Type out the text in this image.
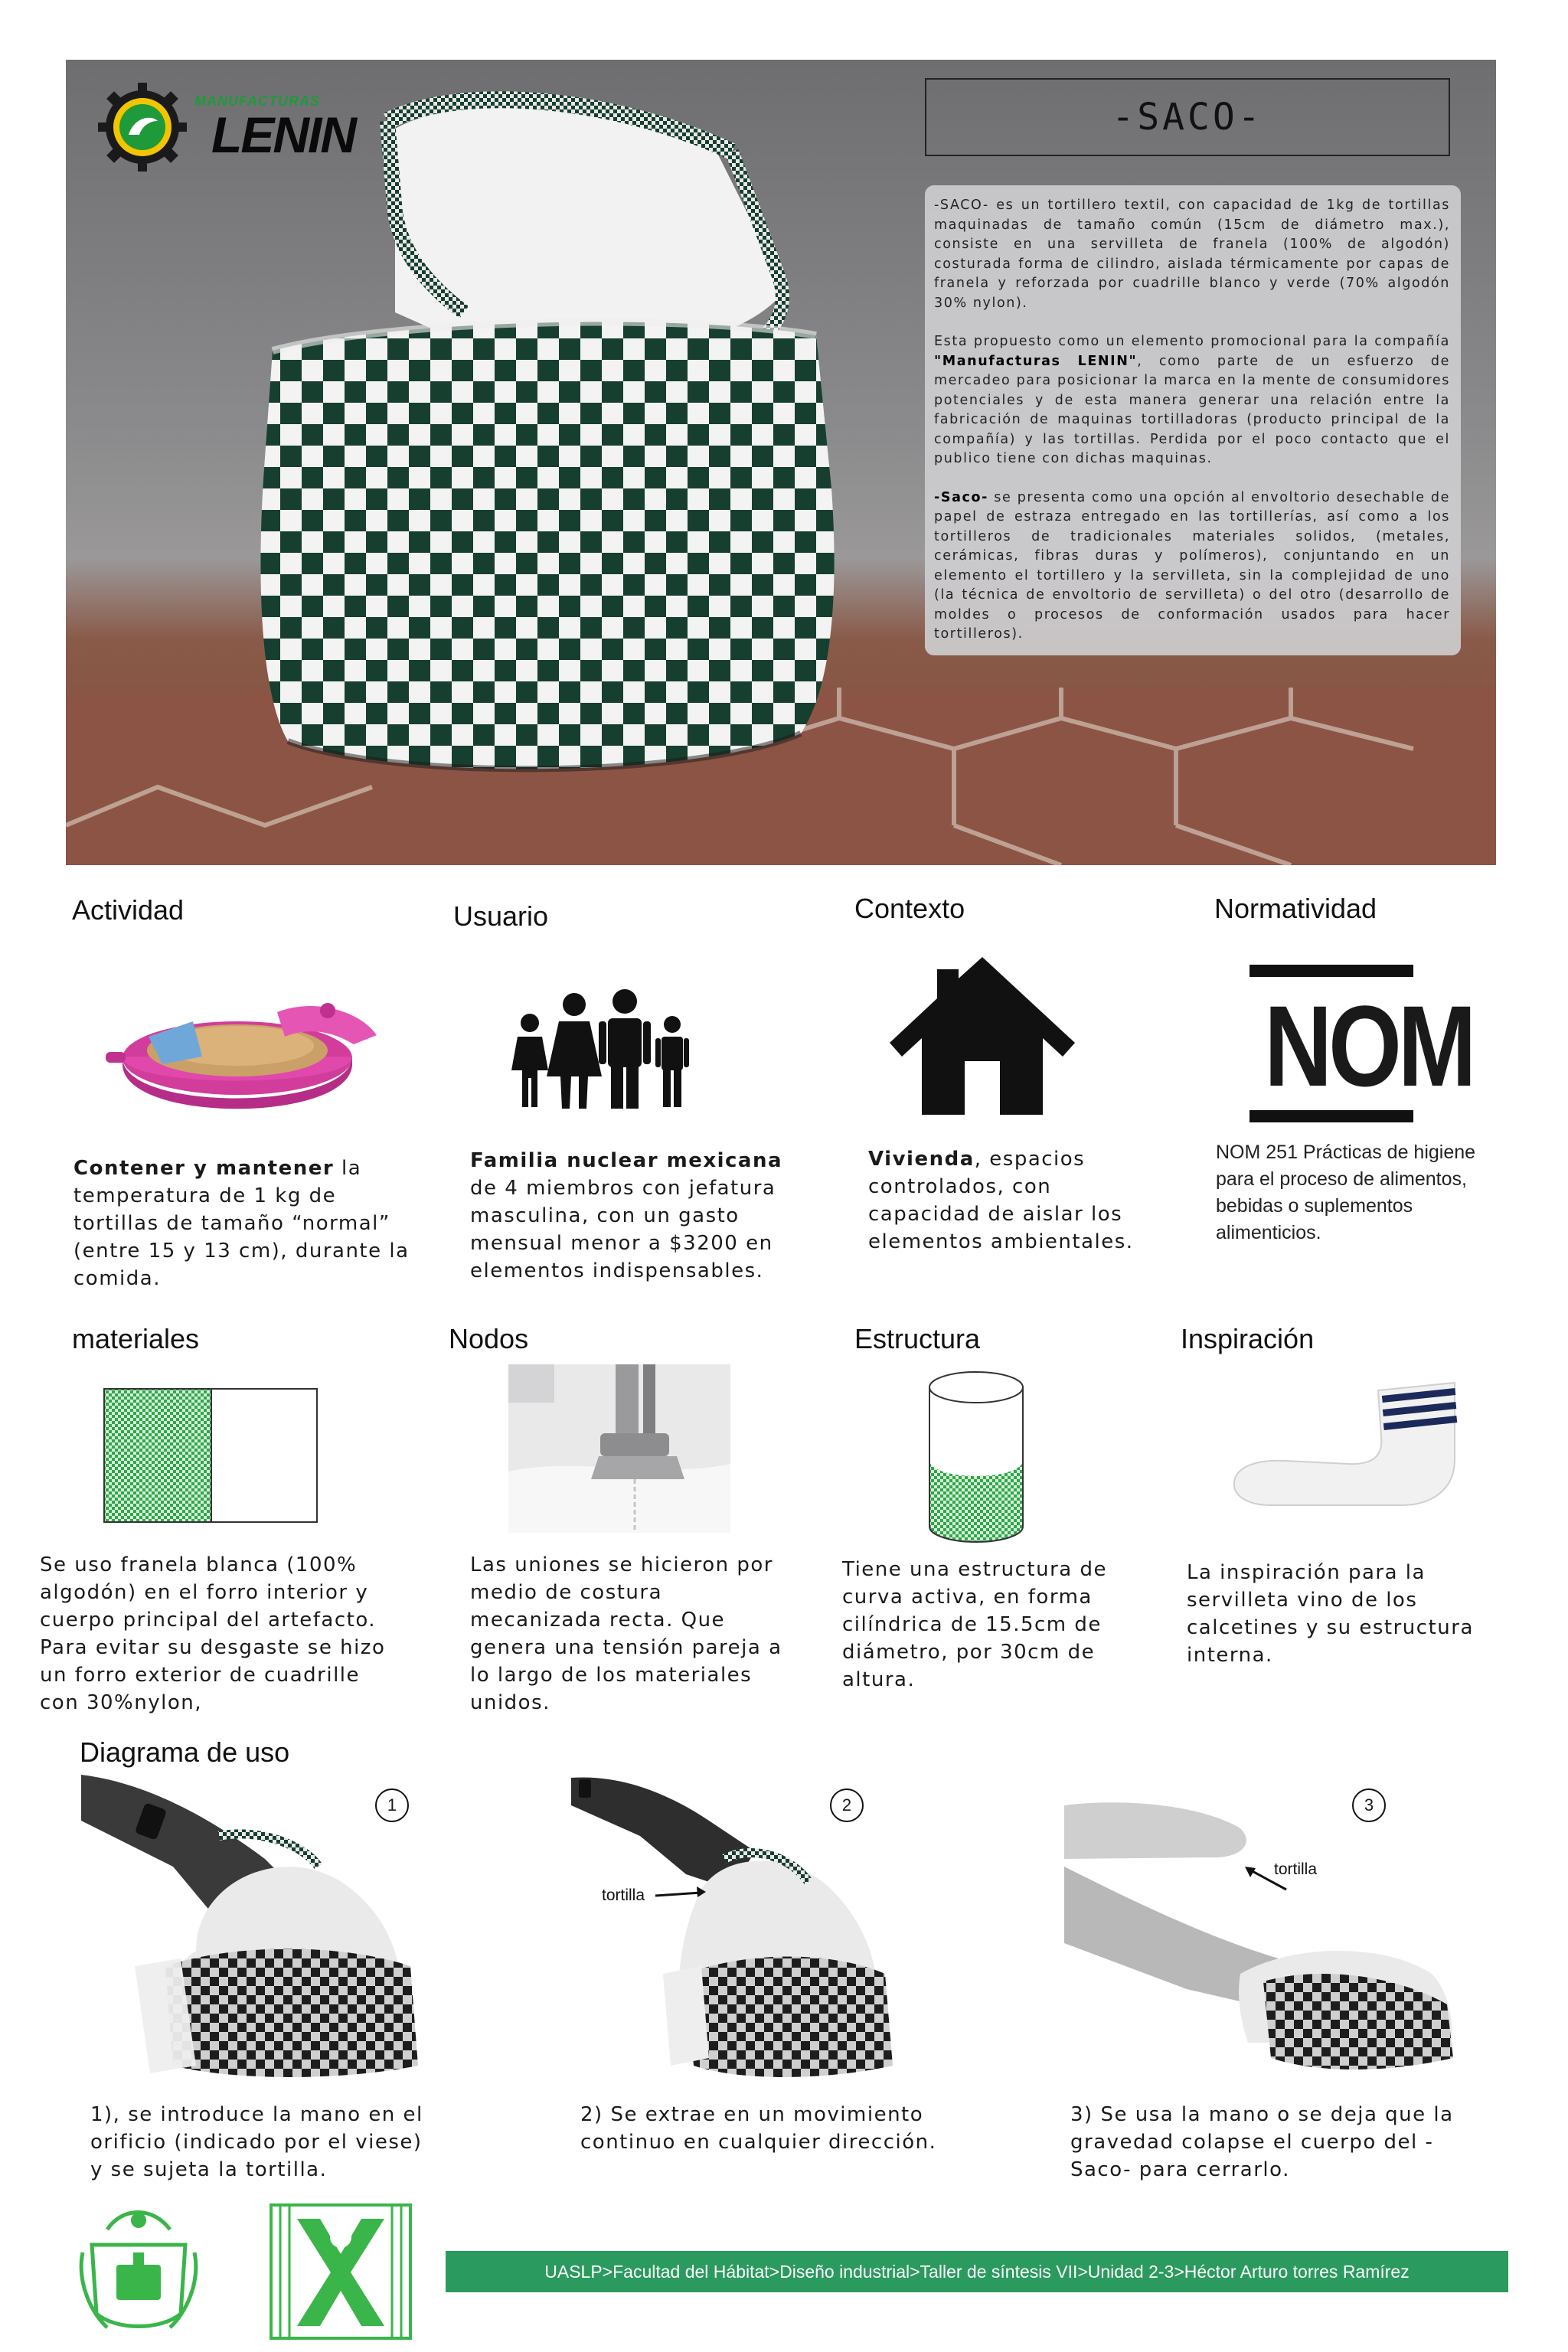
MANUFACTURAS
LENIN	-SACO-

-SACO- es un tortillero textil, con capacidad de 1kg de tortillas maquinadas de tamaño común (15cm de diámetro max.), consiste en una servilleta de franela (100% de algodón) costurada forma de cilindro, aislada térmicamente por capas de franela y reforzada por cuadrille blanco y verde (70% algodón 30% nylon).

Esta propuesto como un elemento promocional para la compañía "Manufacturas LENIN", como parte de un esfuerzo de mercadeo para posicionar la marca en la mente de consumidores potenciales y de esta manera generar una relación entre la fabricación de maquinas tortilladoras (producto principal de la compañía) y las tortillas. Perdida por el poco contacto que el publico tiene con dichas maquinas.

-Saco- se presenta como una opción al envoltorio desechable de papel de estraza entregado en las tortillerías, así como a los tortilleros de tradicionales materiales solidos, (metales, cerámicas, fibras duras y polímeros), conjuntando en un elemento el tortillero y la servilleta, sin la complejidad de uno (la técnica de envoltorio de servilleta) o del otro (desarrollo de moldes o procesos de conformación usados para hacer tortilleros).

Actividad	Usuario	Contexto	Normatividad
NOM
Contener y mantener la temperatura de 1 kg de tortillas de tamaño “normal” (entre 15 y 13 cm), durante la comida.
Familia nuclear mexicana de 4 miembros con jefatura masculina, con un gasto mensual menor a $3200 en elementos indispensables.
Vivienda, espacios controlados, con capacidad de aislar los elementos ambientales.
NOM 251 Prácticas de higiene para el proceso de alimentos, bebidas o suplementos alimenticios.
materiales	Nodos	Estructura	Inspiración
Se uso franela blanca (100% algodón) en el forro interior y cuerpo principal del artefacto. Para evitar su desgaste se hizo un forro exterior de cuadrille con 30%nylon,
Las uniones se hicieron por medio de costura mecanizada recta. Que genera una tensión pareja a lo largo de los materiales unidos.
Tiene una estructura de curva activa, en forma cilíndrica de 15.5cm de diámetro, por 30cm de altura.
La inspiración para la servilleta vino de los calcetines y su estructura interna.
Diagrama de uso
1	2
tortilla
3
tortilla
1), se introduce la mano en el orificio (indicado por el viese) y se sujeta la tortilla.
2) Se extrae en un movimiento continuo en cualquier dirección.
3) Se usa la mano o se deja que la gravedad colapse el cuerpo del -Saco- para cerrarlo.
UASLP>Facultad del Hábitat>Diseño industrial>Taller de síntesis VII>Unidad 2-3>Héctor Arturo torres Ramírez
